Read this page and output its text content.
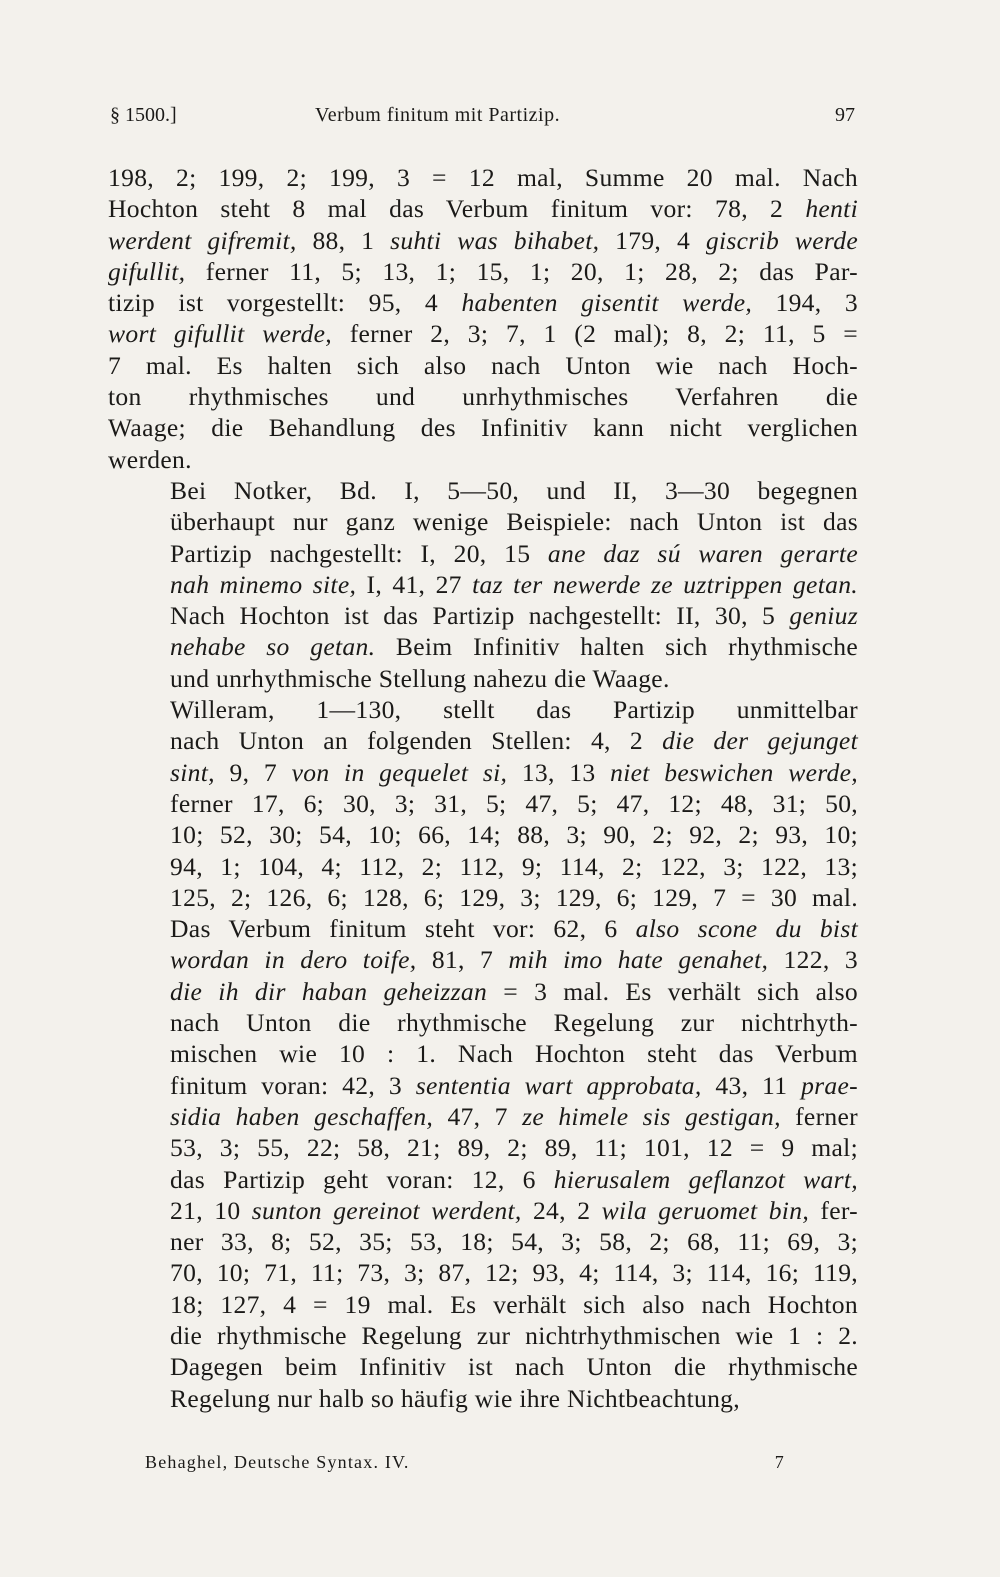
§ 1500.]	Verbum finitum mit Partizip.	97

198, 2; 199, 2; 199, 3 = 12 mal, Summe 20 mal. Nach
Hochton steht 8 mal das Verbum finitum vor: 78, 2 henti
werdent gifremit, 88, 1 suhti was bihabet, 179, 4 giscrib werde
gifullit, ferner 11, 5; 13, 1; 15, 1; 20, 1; 28, 2; das Par-
tizip ist vorgestellt: 95, 4 habenten gisentit werde, 194, 3
wort gifullit werde, ferner 2, 3; 7, 1 (2 mal); 8, 2; 11, 5 =
7 mal. Es halten sich also nach Unton wie nach Hoch-
ton rhythmisches und unrhythmisches Verfahren die
Waage; die Behandlung des Infinitiv kann nicht verglichen
werden.

Bei Notker, Bd. I, 5—50, und II, 3—30 begegnen
überhaupt nur ganz wenige Beispiele: nach Unton ist das
Partizip nachgestellt: I, 20, 15 ane daz sú waren gerarte
nah minemo site, I, 41, 27 taz ter newerde ze uztrippen getan.
Nach Hochton ist das Partizip nachgestellt: II, 30, 5 geniuz
nehabe so getan. Beim Infinitiv halten sich rhythmische
und unrhythmische Stellung nahezu die Waage.

Willeram, 1—130, stellt das Partizip unmittelbar
nach Unton an folgenden Stellen: 4, 2 die der gejunget
sint, 9, 7 von in gequelet si, 13, 13 niet beswichen werde,
ferner 17, 6; 30, 3; 31, 5; 47, 5; 47, 12; 48, 31; 50,
10; 52, 30; 54, 10; 66, 14; 88, 3; 90, 2; 92, 2; 93, 10;
94, 1; 104, 4; 112, 2; 112, 9; 114, 2; 122, 3; 122, 13;
125, 2; 126, 6; 128, 6; 129, 3; 129, 6; 129, 7 = 30 mal.
Das Verbum finitum steht vor: 62, 6 also scone du bist
wordan in dero toife, 81, 7 mih imo hate genahet, 122, 3
die ih dir haban geheizzan = 3 mal. Es verhält sich also
nach Unton die rhythmische Regelung zur nichtrhyth-
mischen wie 10 : 1. Nach Hochton steht das Verbum
finitum voran: 42, 3 sententia wart approbata, 43, 11 prae-
sidia haben geschaffen, 47, 7 ze himele sis gestigan, ferner
53, 3; 55, 22; 58, 21; 89, 2; 89, 11; 101, 12 = 9 mal;
das Partizip geht voran: 12, 6 hierusalem geflanzot wart,
21, 10 sunton gereinot werdent, 24, 2 wila geruomet bin, fer-
ner 33, 8; 52, 35; 53, 18; 54, 3; 58, 2; 68, 11; 69, 3;
70, 10; 71, 11; 73, 3; 87, 12; 93, 4; 114, 3; 114, 16; 119,
18; 127, 4 = 19 mal. Es verhält sich also nach Hochton
die rhythmische Regelung zur nichtrhythmischen wie 1 : 2.
Dagegen beim Infinitiv ist nach Unton die rhythmische
Regelung nur halb so häufig wie ihre Nichtbeachtung,

Behaghel, Deutsche Syntax. IV.	7
